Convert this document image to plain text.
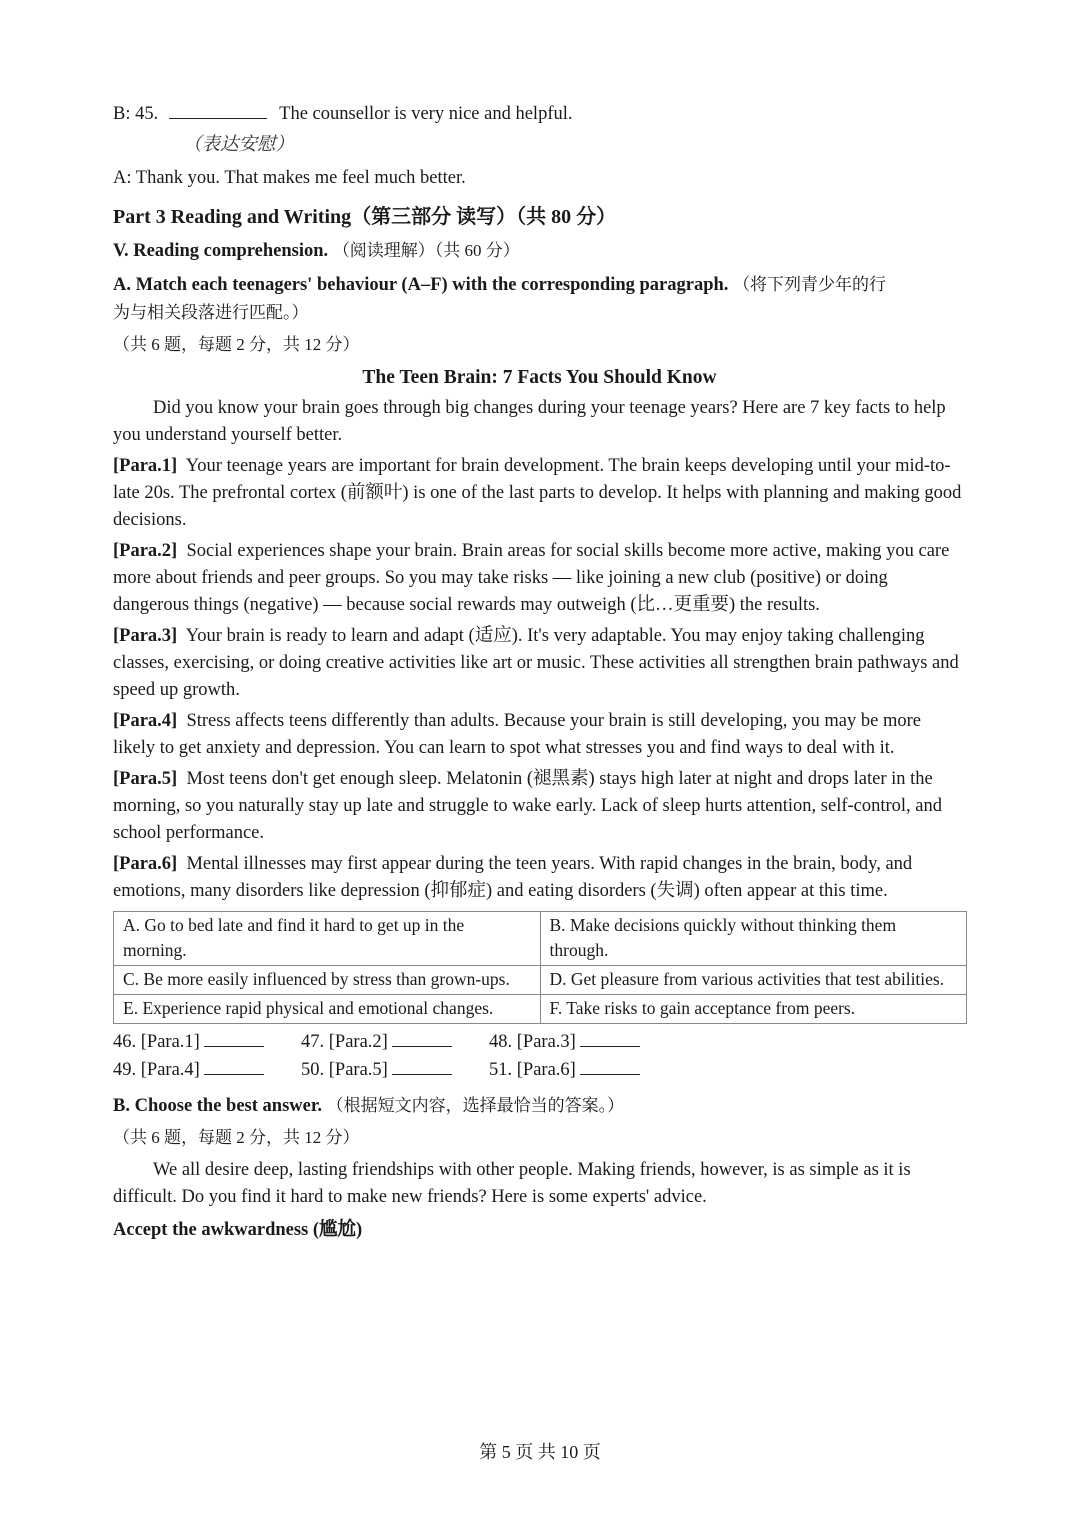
B: 45.	The counsellor is very nice and helpful.
（表达安慰）
A: Thank you. That makes me feel much better.
Part 3 Reading and Writing（第三部分 读写）（共 80 分）
V. Reading comprehension. （阅读理解）（共 60 分）
A. Match each teenagers' behaviour (A–F) with the corresponding paragraph. （将下列青少年的行
为与相关段落进行匹配。）
（共 6 题，每题 2 分，共 12 分）
The Teen Brain: 7 Facts You Should Know
Did you know your brain goes through big changes during your teenage years? Here are 7 key facts to help you understand yourself better.
[Para.1] Your teenage years are important for brain development. The brain keeps developing until your mid-to-late 20s. The prefrontal cortex (前额叶) is one of the last parts to develop. It helps with planning and making good decisions.
[Para.2] Social experiences shape your brain. Brain areas for social skills become more active, making you care more about friends and peer groups. So you may take risks — like joining a new club (positive) or doing dangerous things (negative) — because social rewards may outweigh (比…更重要) the results.
[Para.3] Your brain is ready to learn and adapt (适应). It's very adaptable. You may enjoy taking challenging classes, exercising, or doing creative activities like art or music. These activities all strengthen brain pathways and speed up growth.
[Para.4] Stress affects teens differently than adults. Because your brain is still developing, you may be more likely to get anxiety and depression. You can learn to spot what stresses you and find ways to deal with it.
[Para.5] Most teens don't get enough sleep. Melatonin (褪黑素) stays high later at night and drops later in the morning, so you naturally stay up late and struggle to wake early. Lack of sleep hurts attention, self-control, and school performance.
[Para.6] Mental illnesses may first appear during the teen years. With rapid changes in the brain, body, and emotions, many disorders like depression (抑郁症) and eating disorders (失调) often appear at this time.
A. Go to bed late and find it hard to get up in the morning.	B. Make decisions quickly without thinking them through.
C. Be more easily influenced by stress than grown-ups.	D. Get pleasure from various activities that test abilities.
E. Experience rapid physical and emotional changes.	F. Take risks to gain acceptance from peers.
46. [Para.1]	47. [Para.2]	48. [Para.3]
49. [Para.4]	50. [Para.5]	51. [Para.6]
B. Choose the best answer. （根据短文内容，选择最恰当的答案。）
（共 6 题，每题 2 分，共 12 分）
We all desire deep, lasting friendships with other people. Making friends, however, is as simple as it is difficult. Do you find it hard to make new friends? Here is some experts' advice.
Accept the awkwardness (尴尬)
第 5 页 共 10 页
